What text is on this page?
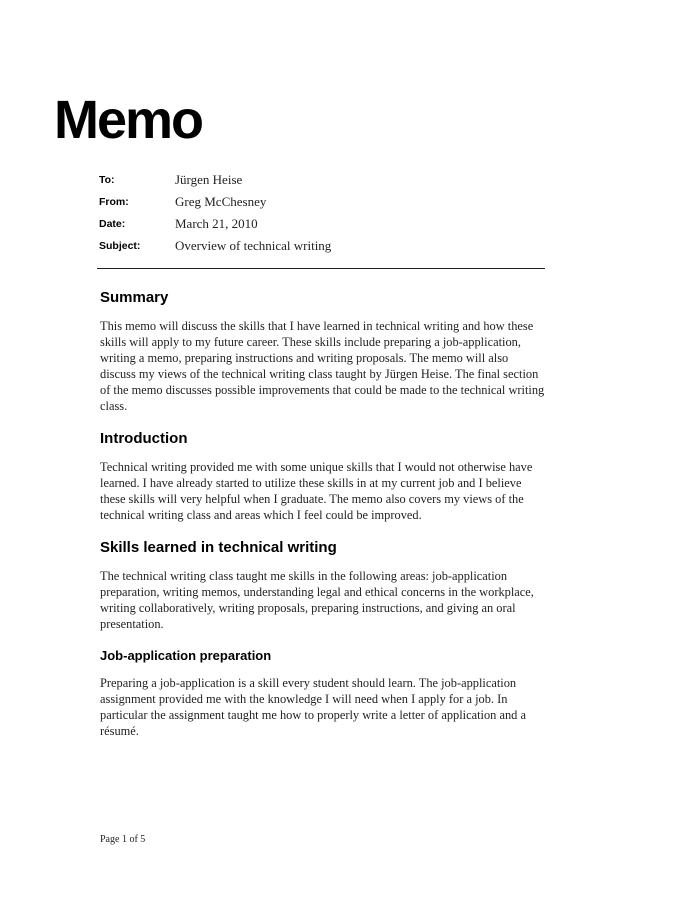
Memo
To:	Jürgen Heise
From:	Greg McChesney
Date:	March 21, 2010
Subject:	Overview of technical writing
Summary

This memo will discuss the skills that I have learned in technical writing and how these skills will apply to my future career. These skills include preparing a job-application, writing a memo, preparing instructions and writing proposals. The memo will also discuss my views of the technical writing class taught by Jürgen Heise. The final section of the memo discusses possible improvements that could be made to the technical writing class.

Introduction

Technical writing provided me with some unique skills that I would not otherwise have learned. I have already started to utilize these skills in at my current job and I believe these skills will very helpful when I graduate. The memo also covers my views of the technical writing class and areas which I feel could be improved.

Skills learned in technical writing

The technical writing class taught me skills in the following areas: job-application preparation, writing memos, understanding legal and ethical concerns in the workplace, writing collaboratively, writing proposals, preparing instructions, and giving an oral presentation.

Job-application preparation

Preparing a job-application is a skill every student should learn. The job-application assignment provided me with the knowledge I will need when I apply for a job. In particular the assignment taught me how to properly write a letter of application and a résumé.

Page 1 of 5
